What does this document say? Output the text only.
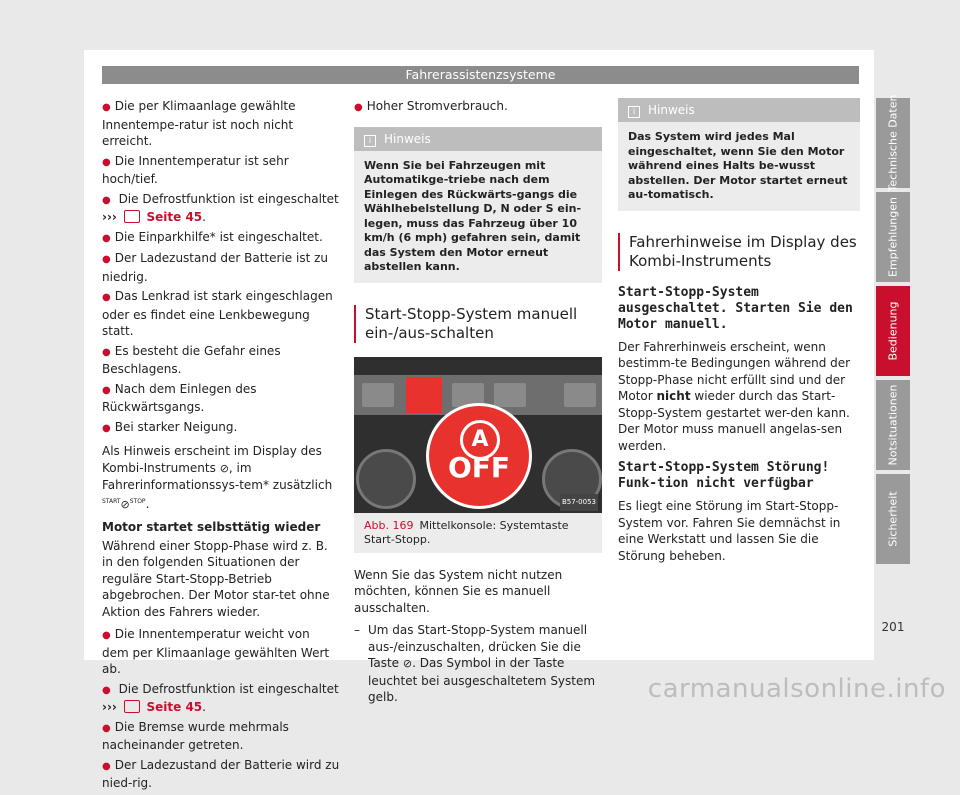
Fahrerassistenzsysteme
● Die per Klimaanlage gewählte Innentempe-ratur ist noch nicht erreicht.
● Die Innentemperatur ist sehr hoch/tief.
● Die Defrostfunktion ist eingeschaltet
››› Seite 45.
● Die Einparkhilfe* ist eingeschaltet.
● Der Ladezustand der Batterie ist zu niedrig.
● Das Lenkrad ist stark eingeschlagen oder es findet eine Lenkbewegung statt.
● Es besteht die Gefahr eines Beschlagens.
● Nach dem Einlegen des Rückwärtsgangs.
● Bei starker Neigung.

Als Hinweis erscheint im Display des Kombi-Instruments ⊘, im Fahrerinformationssys-tem* zusätzlich $^{START}$⊘$^{STOP}$.

Motor startet selbsttätig wieder

Während einer Stopp-Phase wird z. B. in den folgenden Situationen der reguläre Start-Stopp-Betrieb abgebrochen. Der Motor star-tet ohne Aktion des Fahrers wieder.

● Die Innentemperatur weicht von dem per Klimaanlage gewählten Wert ab.
● Die Defrostfunktion ist eingeschaltet
››› Seite 45.
● Die Bremse wurde mehrmals nacheinander getreten.
● Der Ladezustand der Batterie wird zu nied-rig.
● Hoher Stromverbrauch.
i Hinweis
Wenn Sie bei Fahrzeugen mit Automatikge-triebe nach dem Einlegen des Rückwärts-gangs die Wählhebelstellung D, N oder S ein-legen, muss das Fahrzeug über 10 km/h (6 mph) gefahren sein, damit das System den Motor erneut abstellen kann.
Start-Stopp-System manuell ein-/aus-schalten
A
OFF
B57-0053
Abb. 169 Mittelkonsole: Systemtaste Start-Stopp.

Wenn Sie das System nicht nutzen möchten, können Sie es manuell ausschalten.

– Um das Start-Stopp-System manuell aus-/einzuschalten, drücken Sie die Taste ⊘. Das Symbol in der Taste leuchtet bei ausgeschaltetem System gelb.
i Hinweis
Das System wird jedes Mal eingeschaltet, wenn Sie den Motor während eines Halts be-wusst abstellen. Der Motor startet erneut au-tomatisch.
Fahrerhinweise im Display des Kombi-Instruments

Start-Stopp-System ausgeschaltet. Starten Sie den Motor manuell.

Der Fahrerhinweis erscheint, wenn bestimm-te Bedingungen während der Stopp-Phase nicht erfüllt sind und der Motor nicht wieder durch das Start-Stopp-System gestartet wer-den kann. Der Motor muss manuell angelas-sen werden.

Start-Stopp-System Störung! Funk-tion nicht verfügbar

Es liegt eine Störung im Start-Stopp-System vor. Fahren Sie demnächst in eine Werkstatt und lassen Sie die Störung beheben.

Technische Daten
Empfehlungen
Bedienung
Notsituationen
Sicherheit
201
carmanualsonline.info
